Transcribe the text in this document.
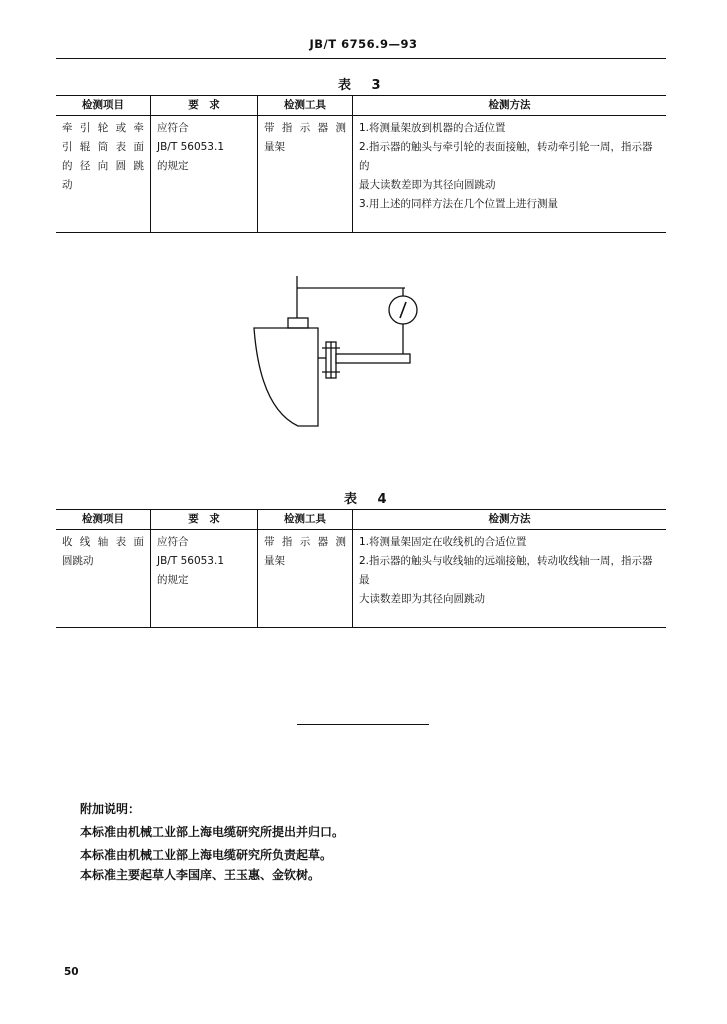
JB/T 6756.9—93
表 3
检测项目	要　求	检测工具	检测方法

牵引轮或牵
引辊筒表面
的径向圆跳
动	应符合
JB/T 56053.1
的规定	带指示器测
量架	1.将测量架放到机器的合适位置
2.指示器的触头与牵引轮的表面接触，转动牵引轮一周，指示器的
最大读数差即为其径向圆跳动
3.用上述的同样方法在几个位置上进行测量
表 4
检测项目	要　求	检测工具	检测方法

收线轴表面
圆跳动	应符合
JB/T 56053.1
的规定	带指示器测
量架	1.将测量架固定在收线机的合适位置
2.指示器的触头与收线轴的远端接触，转动收线轴一周，指示器最
大读数差即为其径向圆跳动
附加说明：
本标准由机械工业部上海电缆研究所提出并归口。
本标准由机械工业部上海电缆研究所负责起草。
本标准主要起草人李国庠、王玉惠、金钦树。
50
